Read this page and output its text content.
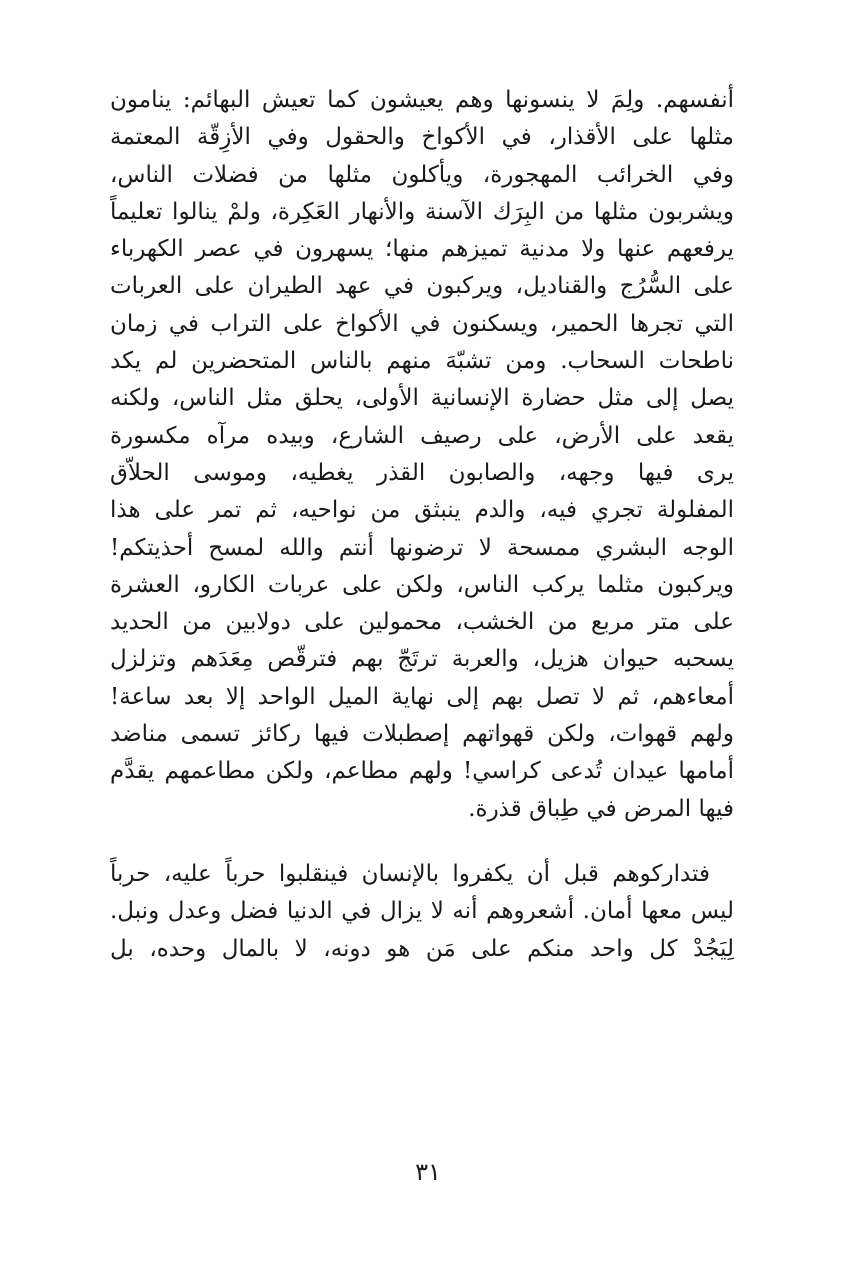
أنفسهم. ولِمَ لا ينسونها وهم يعيشون كما تعيش البهائم: ينامون
مثلها على الأقذار، في الأكواخ والحقول وفي الأزِقّة المعتمة
وفي الخرائب المهجورة، ويأكلون مثلها من فضلات الناس،
ويشربون مثلها من البِرَك الآسنة والأنهار العَكِرة، ولمْ ينالوا تعليماً
يرفعهم عنها ولا مدنية تميزهم منها؛ يسهرون في عصر الكهرباء
على السُّرُج والقناديل، ويركبون في عهد الطيران على العربات
التي تجرها الحمير، ويسكنون في الأكواخ على التراب في زمان
ناطحات السحاب. ومن تشبّهَ منهم بالناس المتحضرين لم يكد
يصل إلى مثل حضارة الإنسانية الأولى، يحلق مثل الناس، ولكنه
يقعد على الأرض، على رصيف الشارع، وبيده مرآه مكسورة
يرى فيها وجهه، والصابون القذر يغطيه، وموسى الحلاّق
المفلولة تجري فيه، والدم ينبثق من نواحيه، ثم تمر على هذا
الوجه البشري ممسحة لا ترضونها أنتم والله لمسح أحذيتكم!
ويركبون مثلما يركب الناس، ولكن على عربات الكارو، العشرة
على متر مربع من الخشب، محمولين على دولابين من الحديد
يسحبه حيوان هزيل، والعربة ترتَجّ بهم فترقّص مِعَدَهم وتزلزل
أمعاءهم، ثم لا تصل بهم إلى نهاية الميل الواحد إلا بعد ساعة!
ولهم قهوات، ولكن قهواتهم إصطبلات فيها ركائز تسمى مناضد
أمامها عيدان تُدعى كراسي! ولهم مطاعم، ولكن مطاعمهم يقدَّم
فيها المرض في طِباق قذرة.
فتداركوهم قبل أن يكفروا بالإنسان فينقلبوا حرباً عليه، حرباً
ليس معها أمان. أشعروهم أنه لا يزال في الدنيا فضل وعدل ونبل.
لِيَجُدْ كل واحد منكم على مَن هو دونه، لا بالمال وحده، بل
٣١
